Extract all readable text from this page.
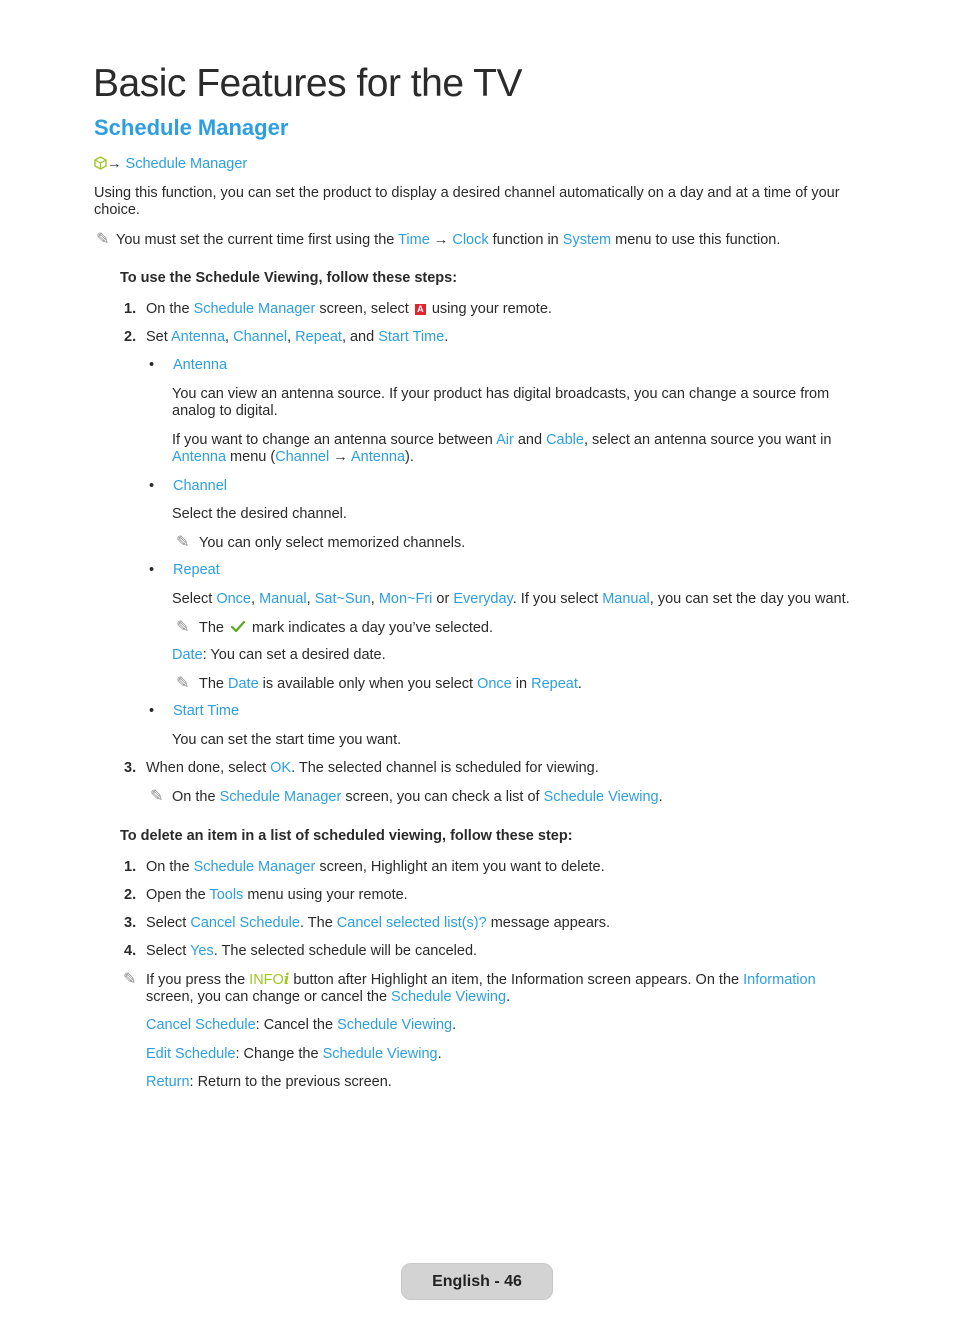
Basic Features for the TV
Schedule Manager
→ Schedule Manager
Using this function, you can set the product to display a desired channel automatically on a day and at a time of your
choice.
✎ You must set the current time first using the Time → Clock function in System menu to use this function.
To use the Schedule Viewing, follow these steps:
1. On the Schedule Manager screen, select A using your remote.
2. Set Antenna, Channel, Repeat, and Start Time.
• Antenna
You can view an antenna source. If your product has digital broadcasts, you can change a source from
analog to digital.
If you want to change an antenna source between Air and Cable, select an antenna source you want in
Antenna menu (Channel → Antenna).
• Channel
Select the desired channel.
✎ You can only select memorized channels.
• Repeat
Select Once, Manual, Sat~Sun, Mon~Fri or Everyday. If you select Manual, you can set the day you want.
✎ The  mark indicates a day you’ve selected.
Date: You can set a desired date.
✎ The Date is available only when you select Once in Repeat.
• Start Time
You can set the start time you want.
3. When done, select OK. The selected channel is scheduled for viewing.
✎ On the Schedule Manager screen, you can check a list of Schedule Viewing.
To delete an item in a list of scheduled viewing, follow these step:
1. On the Schedule Manager screen, Highlight an item you want to delete.
2. Open the Tools menu using your remote.
3. Select Cancel Schedule. The Cancel selected list(s)? message appears.
4. Select Yes. The selected schedule will be canceled.
✎ If you press the INFOi button after Highlight an item, the Information screen appears. On the Information
screen, you can change or cancel the Schedule Viewing.
Cancel Schedule: Cancel the Schedule Viewing.
Edit Schedule: Change the Schedule Viewing.
Return: Return to the previous screen.
English - 46
